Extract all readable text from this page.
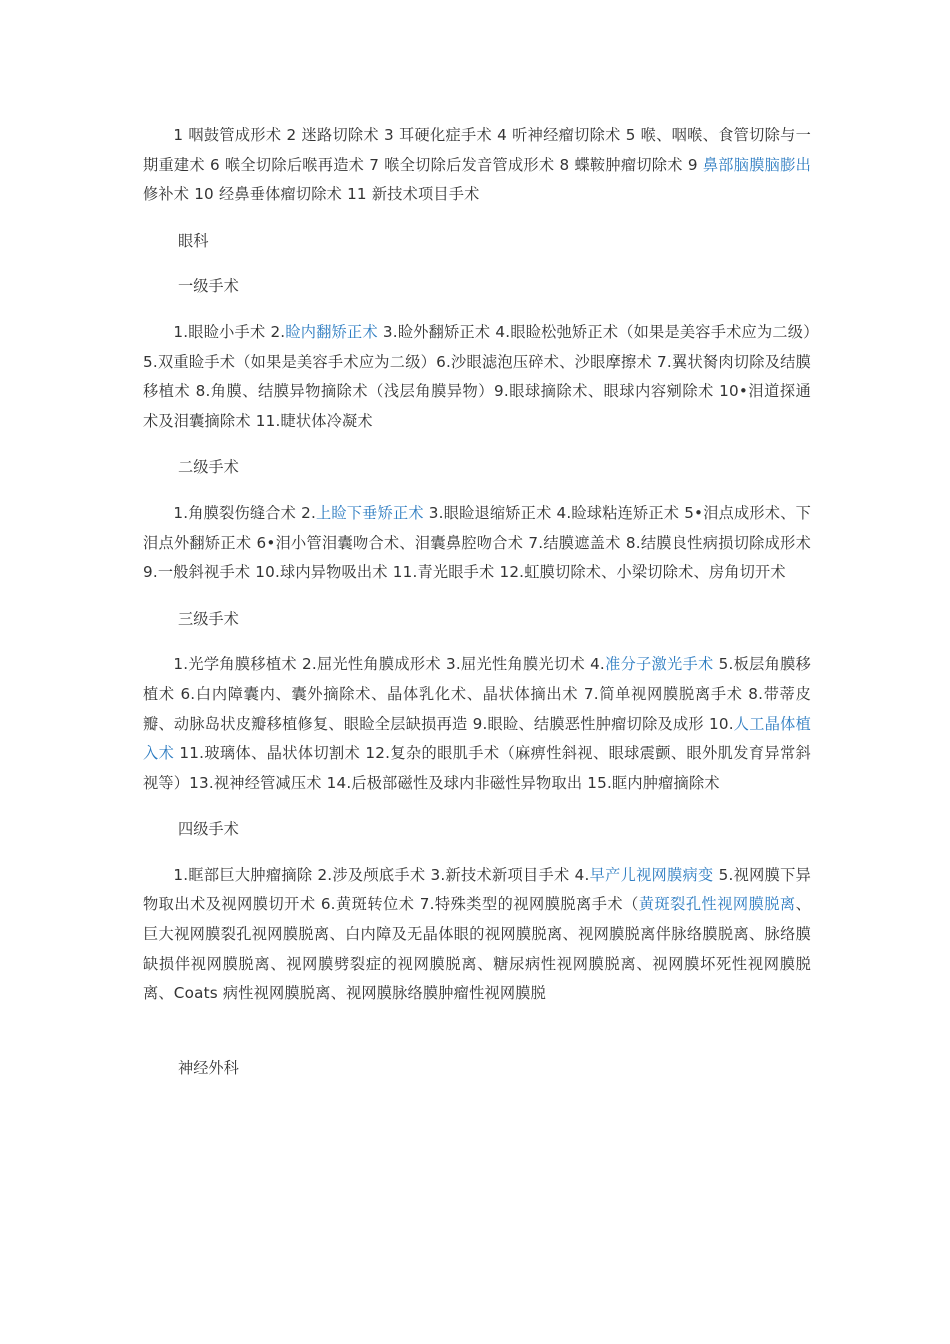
1 咽鼓管成形术 2 迷路切除术 3 耳硬化症手术 4 听神经瘤切除术 5 喉、咽喉、食管切除与一期重建术 6 喉全切除后喉再造术 7 喉全切除后发音管成形术 8 蝶鞍肿瘤切除术 9 鼻部脑膜脑膨出修补术 10 经鼻垂体瘤切除术 11 新技术项目手术

眼科

一级手术

1.眼睑小手术 2.睑内翻矫正术 3.睑外翻矫正术 4.眼睑松弛矫正术（如果是美容手术应为二级）5.双重睑手术（如果是美容手术应为二级）6.沙眼滤泡压碎术、沙眼摩擦术 7.翼状胬肉切除及结膜移植术 8.角膜、结膜异物摘除术（浅层角膜异物）9.眼球摘除术、眼球内容剜除术 10•泪道探通术及泪囊摘除术 11.睫状体冷凝术

二级手术

1.角膜裂伤缝合术 2.上睑下垂矫正术 3.眼睑退缩矫正术 4.睑球粘连矫正术 5•泪点成形术、下泪点外翻矫正术 6•泪小管泪囊吻合术、泪囊鼻腔吻合术 7.结膜遮盖术 8.结膜良性病损切除成形术 9.一般斜视手术 10.球内异物吸出术 11.青光眼手术 12.虹膜切除术、小梁切除术、房角切开术

三级手术

1.光学角膜移植术 2.屈光性角膜成形术 3.屈光性角膜光切术 4.准分子激光手术 5.板层角膜移植术 6.白内障囊内、囊外摘除术、晶体乳化术、晶状体摘出术 7.简单视网膜脱离手术 8.带蒂皮瓣、动脉岛状皮瓣移植修复、眼睑全层缺损再造 9.眼睑、结膜恶性肿瘤切除及成形 10.人工晶体植入术 11.玻璃体、晶状体切割术 12.复杂的眼肌手术（麻痹性斜视、眼球震颤、眼外肌发育异常斜视等）13.视神经管减压术 14.后极部磁性及球内非磁性异物取出 15.眶内肿瘤摘除术

四级手术

1.眶部巨大肿瘤摘除 2.涉及颅底手术 3.新技术新项目手术 4.早产儿视网膜病变 5.视网膜下异物取出术及视网膜切开术 6.黄斑转位术 7.特殊类型的视网膜脱离手术（黄斑裂孔性视网膜脱离、巨大视网膜裂孔视网膜脱离、白内障及无晶体眼的视网膜脱离、视网膜脱离伴脉络膜脱离、脉络膜缺损伴视网膜脱离、视网膜劈裂症的视网膜脱离、糖尿病性视网膜脱离、视网膜坏死性视网膜脱离、Coats 病性视网膜脱离、视网膜脉络膜肿瘤性视网膜脱

神经外科
